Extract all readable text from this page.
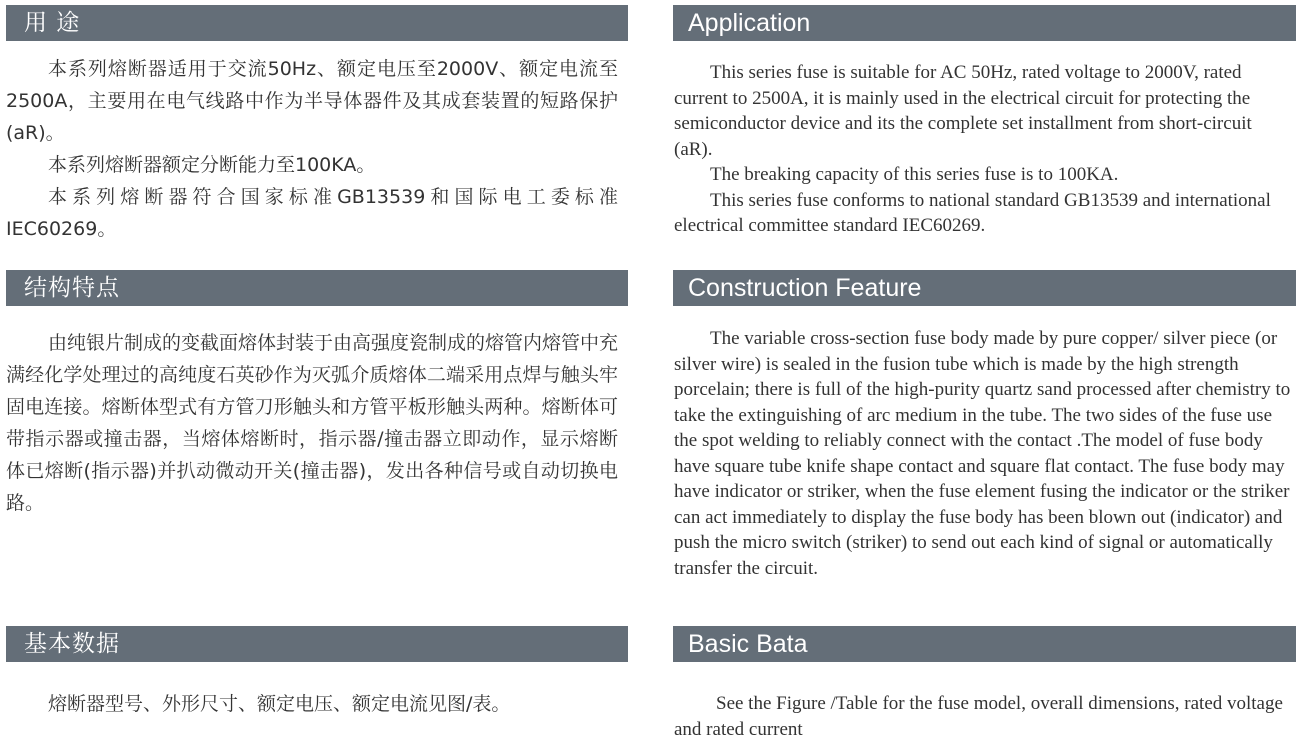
用 途	Application

本系列熔断器适用于交流50Hz、额定电压至2000V、额定电流至2500A，主要用在电气线路中作为半导体器件及其成套装置的短路保护(aR)。

本系列熔断器额定分断能力至100KA。

本系列熔断器符合国家标准GB13539和国际电工委标准IEC60269。

This series fuse is suitable for AC 50Hz, rated voltage to 2000V, rated current to 2500A, it is mainly used in the electrical circuit for protecting the semiconductor device and its the complete set installment from short-circuit (aR).

The breaking capacity of this series fuse is to 100KA.

This series fuse conforms to national standard GB13539 and international electrical committee standard IEC60269.

结构特点	Construction Feature

由纯银片制成的变截面熔体封装于由高强度瓷制成的熔管内熔管中充满经化学处理过的高纯度石英砂作为灭弧介质熔体二端采用点焊与触头牢固电连接。熔断体型式有方管刀形触头和方管平板形触头两种。熔断体可带指示器或撞击器，当熔体熔断时，指示器/撞击器立即动作，显示熔断体已熔断(指示器)并扒动微动开关(撞击器)，发出各种信号或自动切换电路。

The variable cross-section fuse body made by pure copper/ silver piece (or silver wire) is sealed in the fusion tube which is made by the high strength porcelain; there is full of the high-purity quartz sand processed after chemistry to take the extinguishing of arc medium in the tube. The two sides of the fuse use the spot welding to reliably connect with the contact .The model of fuse body have square tube knife shape contact and square flat contact. The fuse body may have indicator or striker, when the fuse element fusing the indicator or the striker can act immediately to display the fuse body has been blown out (indicator) and push the micro switch (striker) to send out each kind of signal or automatically transfer the circuit.

基本数据	Basic Bata

熔断器型号、外形尺寸、额定电压、额定电流见图/表。	See the Figure /Table for the fuse model, overall dimensions, rated voltage and rated current
